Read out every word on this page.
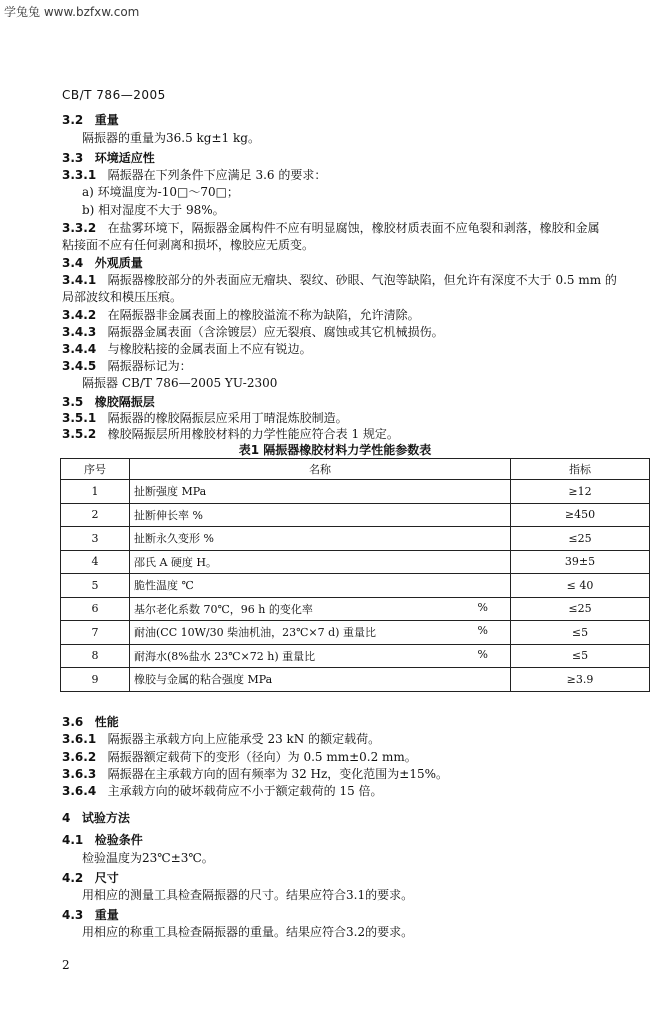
学兔兔 www.bzfxw.com
CB/T 786—2005
3.2 重量
隔振器的重量为36.5 kg±1 kg。
3.3 环境适应性
3.3.1 隔振器在下列条件下应满足 3.6 的要求：
a) 环境温度为-10□～70□；
b) 相对湿度不大于 98%。
3.3.2 在盐雾环境下，隔振器金属构件不应有明显腐蚀，橡胶材质表面不应龟裂和剥落，橡胶和金属
粘接面不应有任何剥离和损坏，橡胶应无质变。
3.4 外观质量
3.4.1 隔振器橡胶部分的外表面应无瘤块、裂纹、砂眼、气泡等缺陷，但允许有深度不大于 0.5 mm 的
局部波纹和模压压痕。
3.4.2 在隔振器非金属表面上的橡胶溢流不称为缺陷，允许清除。
3.4.3 隔振器金属表面（含涂镀层）应无裂痕、腐蚀或其它机械损伤。
3.4.4 与橡胶粘接的金属表面上不应有锐边。
3.4.5 隔振器标记为：
隔振器 CB/T 786—2005 YU-2300
3.5 橡胶隔振层
3.5.1 隔振器的橡胶隔振层应采用丁晴混炼胶制造。
3.5.2 橡胶隔振层所用橡胶材料的力学性能应符合表 1 规定。
表1 隔振器橡胶材料力学性能参数表
序号	名称	指标
1	扯断强度 MPa	≥12
2	扯断伸长率 %	≥450
3	扯断永久变形 %	≤25
4	邵氏 A 硬度 H。	39±5
5	脆性温度 ℃	≤ 40
6	基尔老化系数 70℃，96 h 的变化率 %	≤25
7	耐油(CC 10W/30 柴油机油，23℃×7 d) 重量比 %	≤5
8	耐海水(8%盐水 23℃×72 h) 重量比 %	≤5
9	橡胶与金属的粘合强度 MPa	≥3.9
3.6 性能
3.6.1 隔振器主承载方向上应能承受 23 kN 的额定载荷。
3.6.2 隔振器额定载荷下的变形（径向）为 0.5 mm±0.2 mm。
3.6.3 隔振器在主承载方向的固有频率为 32 Hz，变化范围为±15%。
3.6.4 主承载方向的破坏载荷应不小于额定载荷的 15 倍。
4 试验方法
4.1 检验条件
检验温度为23℃±3℃。
4.2 尺寸
用相应的测量工具检查隔振器的尺寸。结果应符合3.1的要求。
4.3 重量
用相应的称重工具检查隔振器的重量。结果应符合3.2的要求。
2
